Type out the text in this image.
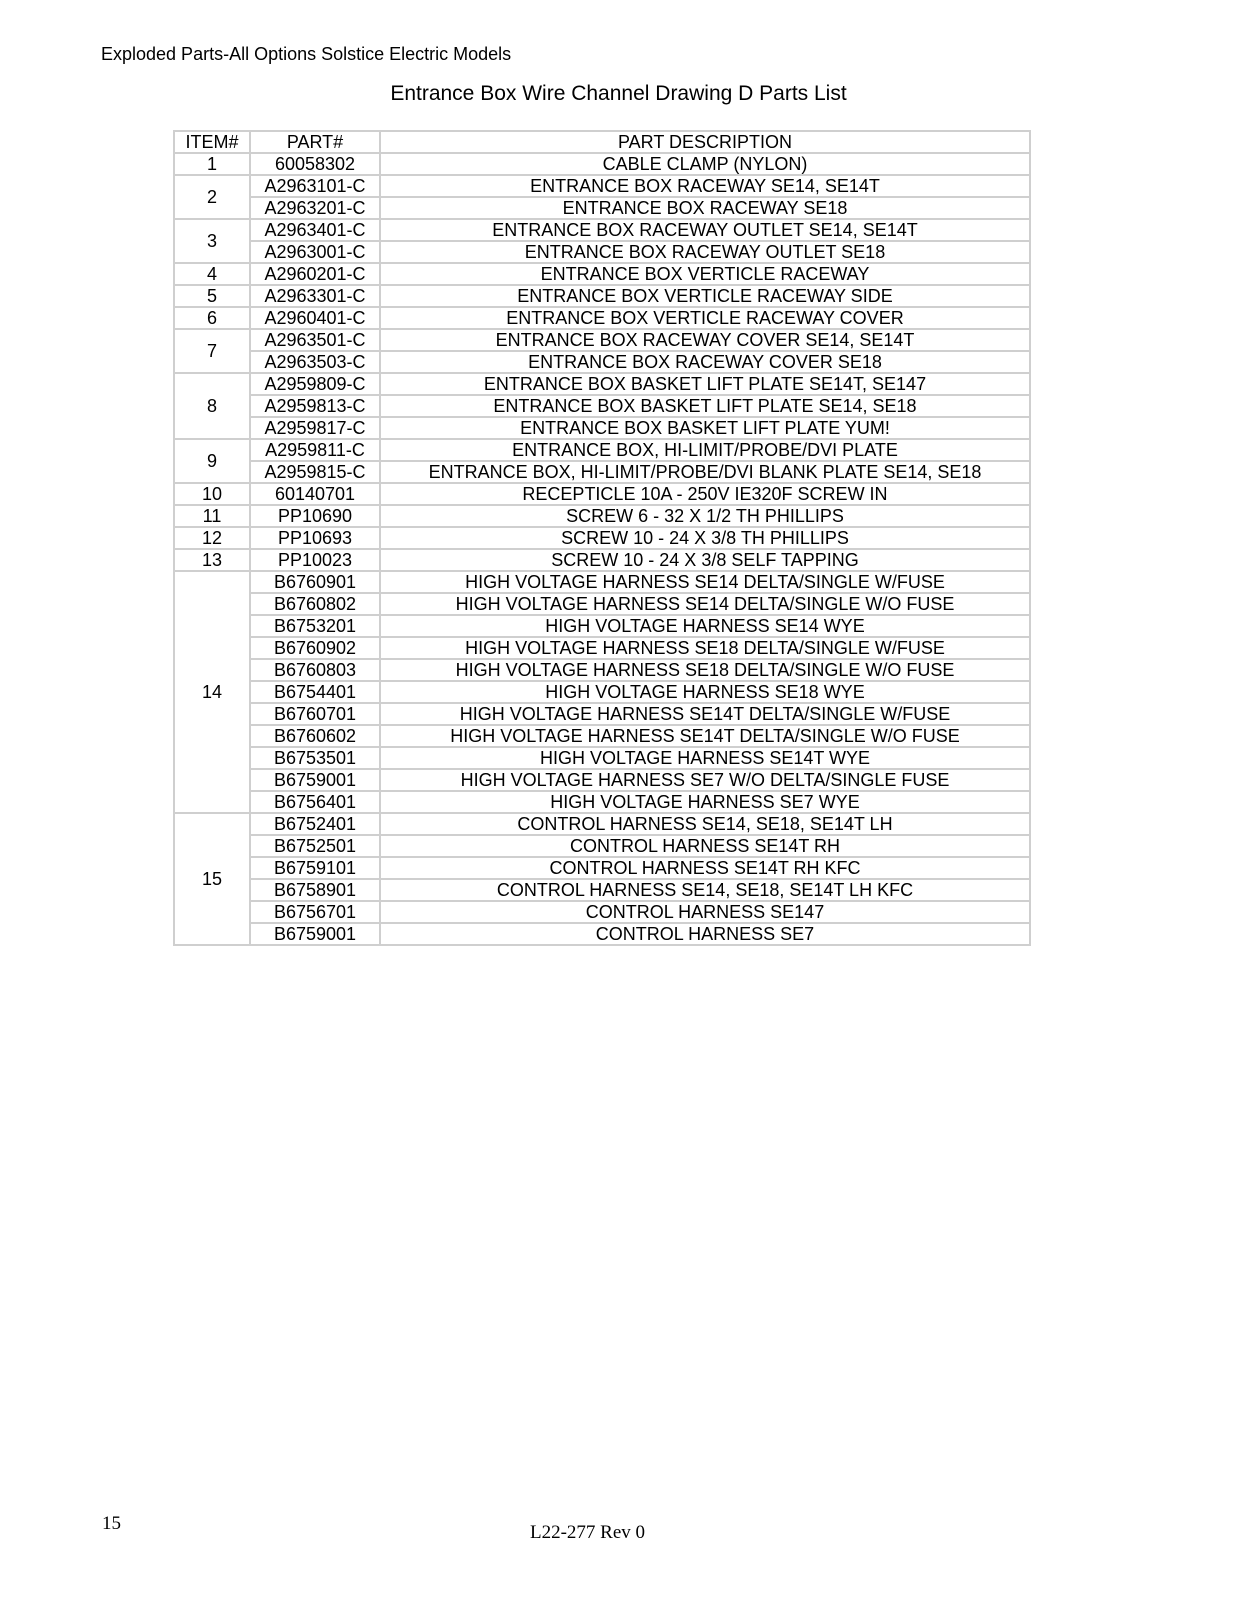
Exploded Parts-All Options Solstice Electric Models
Entrance Box Wire Channel Drawing D Parts List
ITEM#	PART#	PART DESCRIPTION
1	60058302	CABLE CLAMP (NYLON)
2	A2963101-C	ENTRANCE BOX RACEWAY SE14, SE14T
	A2963201-C	ENTRANCE BOX RACEWAY SE18
3	A2963401-C	ENTRANCE BOX RACEWAY OUTLET SE14, SE14T
	A2963001-C	ENTRANCE BOX RACEWAY OUTLET SE18
4	A2960201-C	ENTRANCE BOX VERTICLE RACEWAY
5	A2963301-C	ENTRANCE BOX VERTICLE RACEWAY SIDE
6	A2960401-C	ENTRANCE BOX VERTICLE RACEWAY COVER
7	A2963501-C	ENTRANCE BOX RACEWAY COVER SE14, SE14T
	A2963503-C	ENTRANCE BOX RACEWAY COVER SE18
8	A2959809-C	ENTRANCE BOX BASKET LIFT PLATE SE14T, SE147
	A2959813-C	ENTRANCE BOX BASKET LIFT PLATE SE14, SE18
	A2959817-C	ENTRANCE BOX BASKET LIFT PLATE YUM!
9	A2959811-C	ENTRANCE BOX, HI-LIMIT/PROBE/DVI PLATE
	A2959815-C	ENTRANCE BOX, HI-LIMIT/PROBE/DVI BLANK PLATE SE14, SE18
10	60140701	RECEPTICLE 10A - 250V IE320F SCREW IN
11	PP10690	SCREW 6 - 32 X 1/2 TH PHILLIPS
12	PP10693	SCREW 10 - 24 X 3/8 TH PHILLIPS
13	PP10023	SCREW 10 - 24 X 3/8 SELF TAPPING
14	B6760901	HIGH VOLTAGE HARNESS SE14 DELTA/SINGLE W/FUSE
	B6760802	HIGH VOLTAGE HARNESS SE14 DELTA/SINGLE W/O FUSE
	B6753201	HIGH VOLTAGE HARNESS SE14 WYE
	B6760902	HIGH VOLTAGE HARNESS SE18 DELTA/SINGLE W/FUSE
	B6760803	HIGH VOLTAGE HARNESS SE18 DELTA/SINGLE W/O FUSE
	B6754401	HIGH VOLTAGE HARNESS SE18 WYE
	B6760701	HIGH VOLTAGE HARNESS SE14T DELTA/SINGLE W/FUSE
	B6760602	HIGH VOLTAGE HARNESS SE14T DELTA/SINGLE W/O FUSE
	B6753501	HIGH VOLTAGE HARNESS SE14T WYE
	B6759001	HIGH VOLTAGE HARNESS SE7 W/O DELTA/SINGLE FUSE
	B6756401	HIGH VOLTAGE HARNESS SE7 WYE
15	B6752401	CONTROL HARNESS SE14, SE18, SE14T LH
	B6752501	CONTROL HARNESS SE14T RH
	B6759101	CONTROL HARNESS SE14T RH KFC
	B6758901	CONTROL HARNESS SE14, SE18, SE14T LH KFC
	B6756701	CONTROL HARNESS SE147
	B6759001	CONTROL HARNESS SE7
15	L22-277 Rev 0
